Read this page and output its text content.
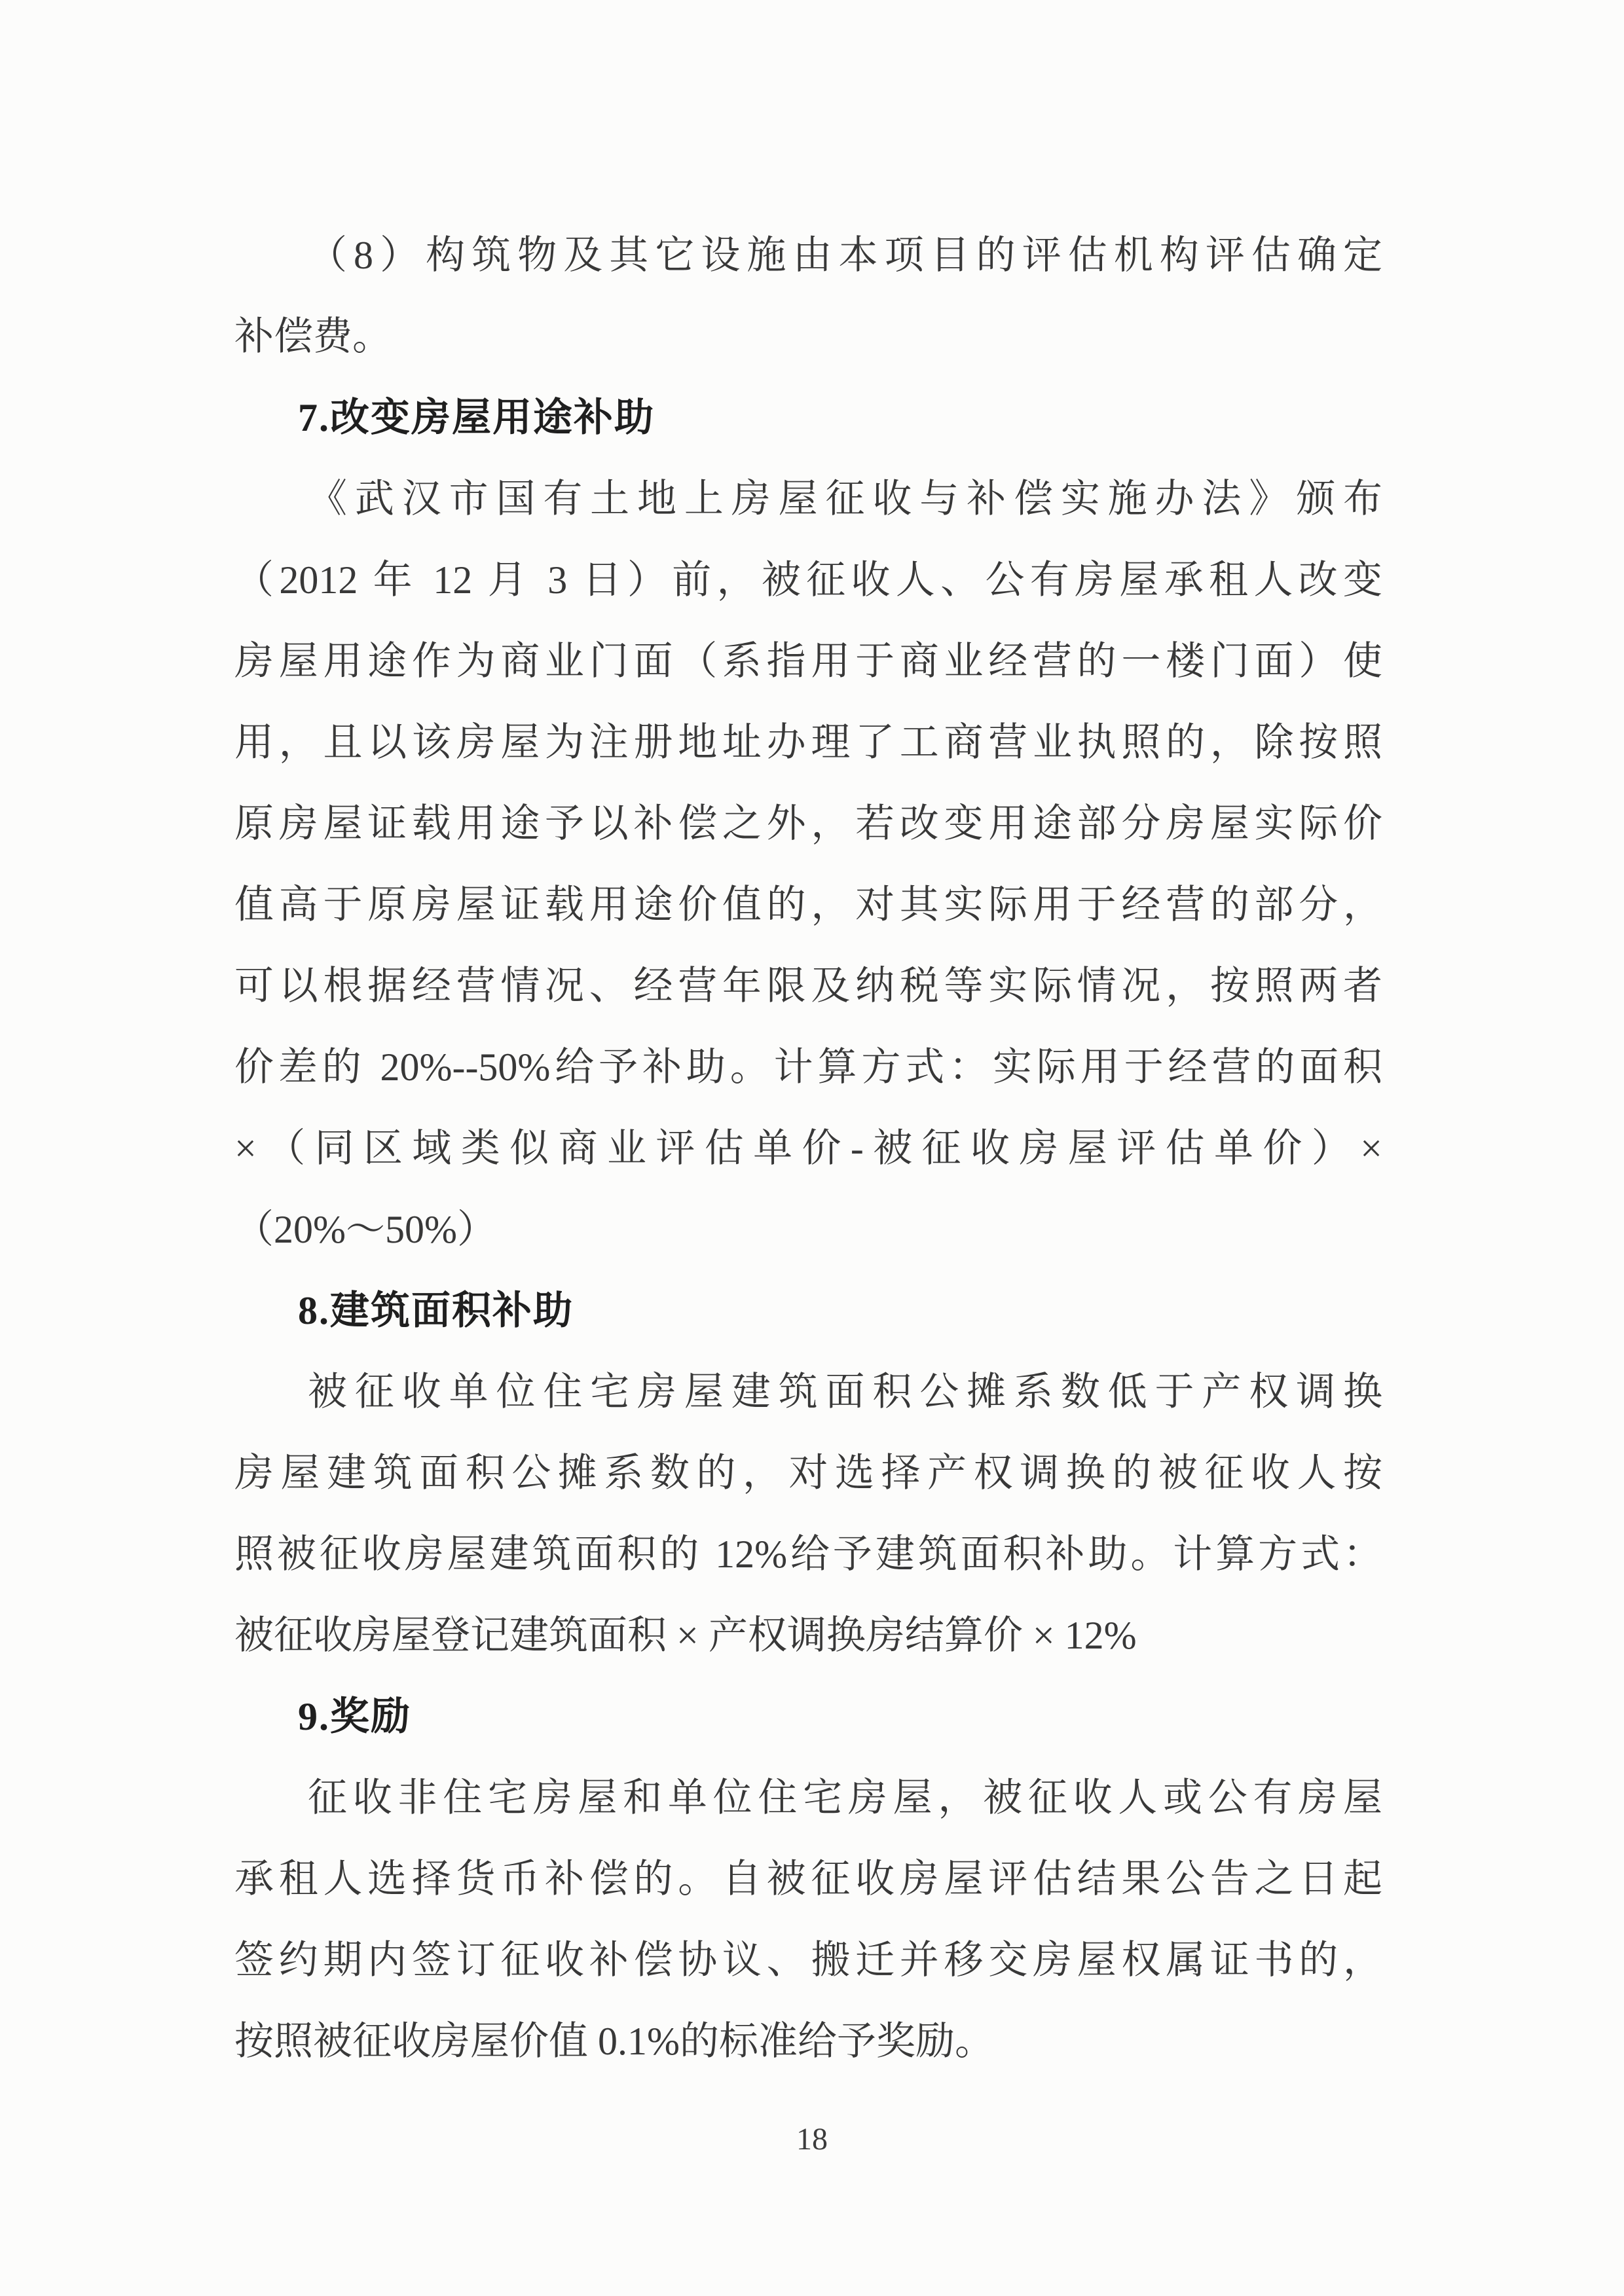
（8）构筑物及其它设施由本项目的评估机构评估确定
补偿费。
7.改变房屋用途补助
《武汉市国有土地上房屋征收与补偿实施办法》颁布
（2012 年 12 月 3 日）前，被征收人、公有房屋承租人改变
房屋用途作为商业门面（系指用于商业经营的一楼门面）使
用，且以该房屋为注册地址办理了工商营业执照的，除按照
原房屋证载用途予以补偿之外，若改变用途部分房屋实际价
值高于原房屋证载用途价值的，对其实际用于经营的部分，
可以根据经营情况、经营年限及纳税等实际情况，按照两者
价差的 20%--50%给予补助。计算方式：实际用于经营的面积
×（同区域类似商业评估单价-被征收房屋评估单价）×
（20%～50%）
8.建筑面积补助
被征收单位住宅房屋建筑面积公摊系数低于产权调换
房屋建筑面积公摊系数的，对选择产权调换的被征收人按
照被征收房屋建筑面积的 12%给予建筑面积补助。计算方式：
被征收房屋登记建筑面积 × 产权调换房结算价 × 12%
9.奖励
征收非住宅房屋和单位住宅房屋，被征收人或公有房屋
承租人选择货币补偿的。自被征收房屋评估结果公告之日起
签约期内签订征收补偿协议、搬迁并移交房屋权属证书的，
按照被征收房屋价值 0.1%的标准给予奖励。
18
